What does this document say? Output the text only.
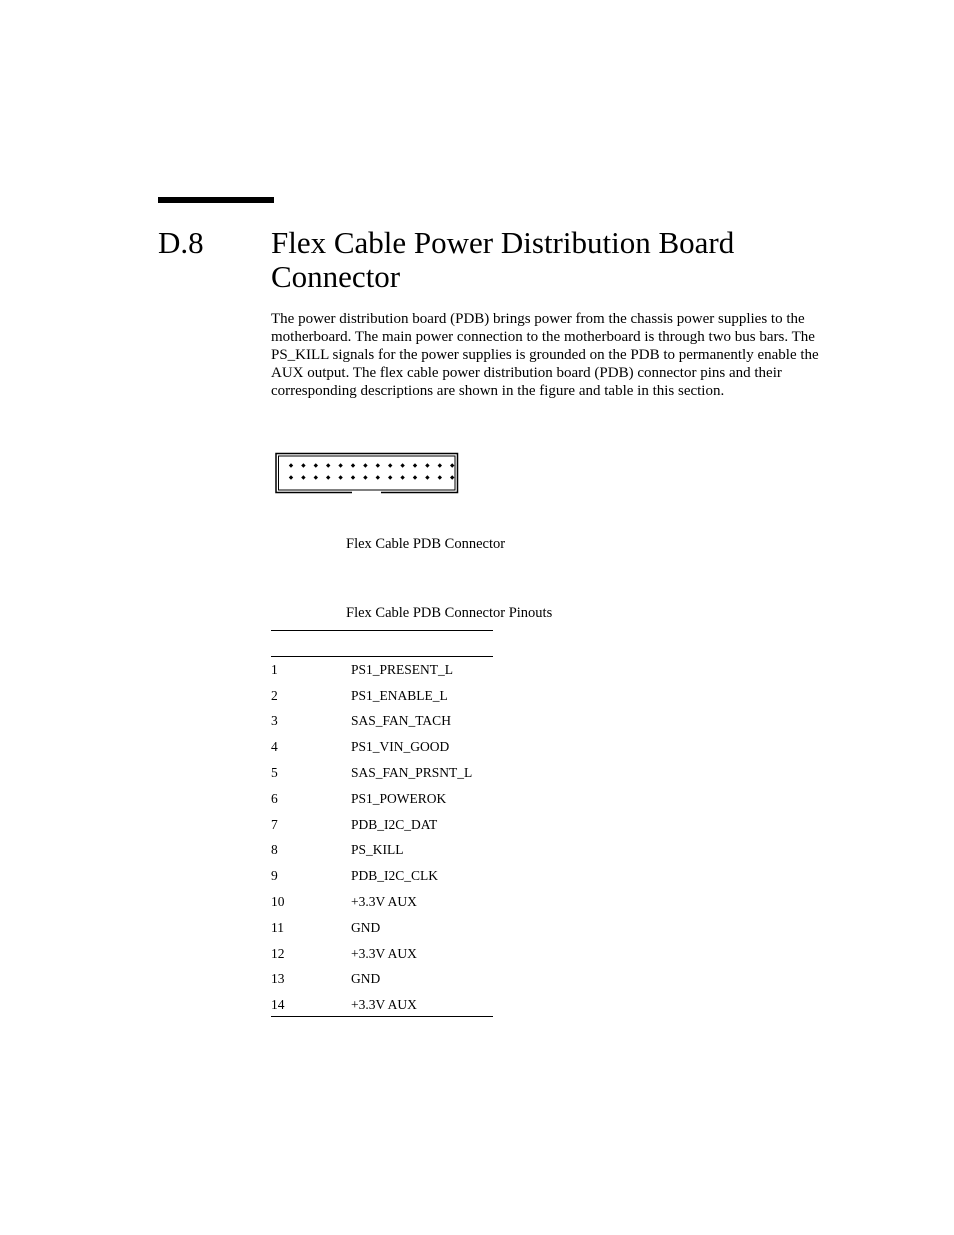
D.8 Flex Cable Power Distribution Board Connector

The power distribution board (PDB) brings power from the chassis power supplies to the motherboard. The main power connection to the motherboard is through two bus bars. The PS_KILL signals for the power supplies is grounded on the PDB to permanently enable the AUX output. The flex cable power distribution board (PDB) connector pins and their corresponding descriptions are shown in the figure and table in this section.

Flex Cable PDB Connector
Flex Cable PDB Connector Pinouts
1	PS1_PRESENT_L
2	PS1_ENABLE_L
3	SAS_FAN_TACH
4	PS1_VIN_GOOD
5	SAS_FAN_PRSNT_L
6	PS1_POWEROK
7	PDB_I2C_DAT
8	PS_KILL
9	PDB_I2C_CLK
10	+3.3V AUX
11	GND
12	+3.3V AUX
13	GND
14	+3.3V AUX
